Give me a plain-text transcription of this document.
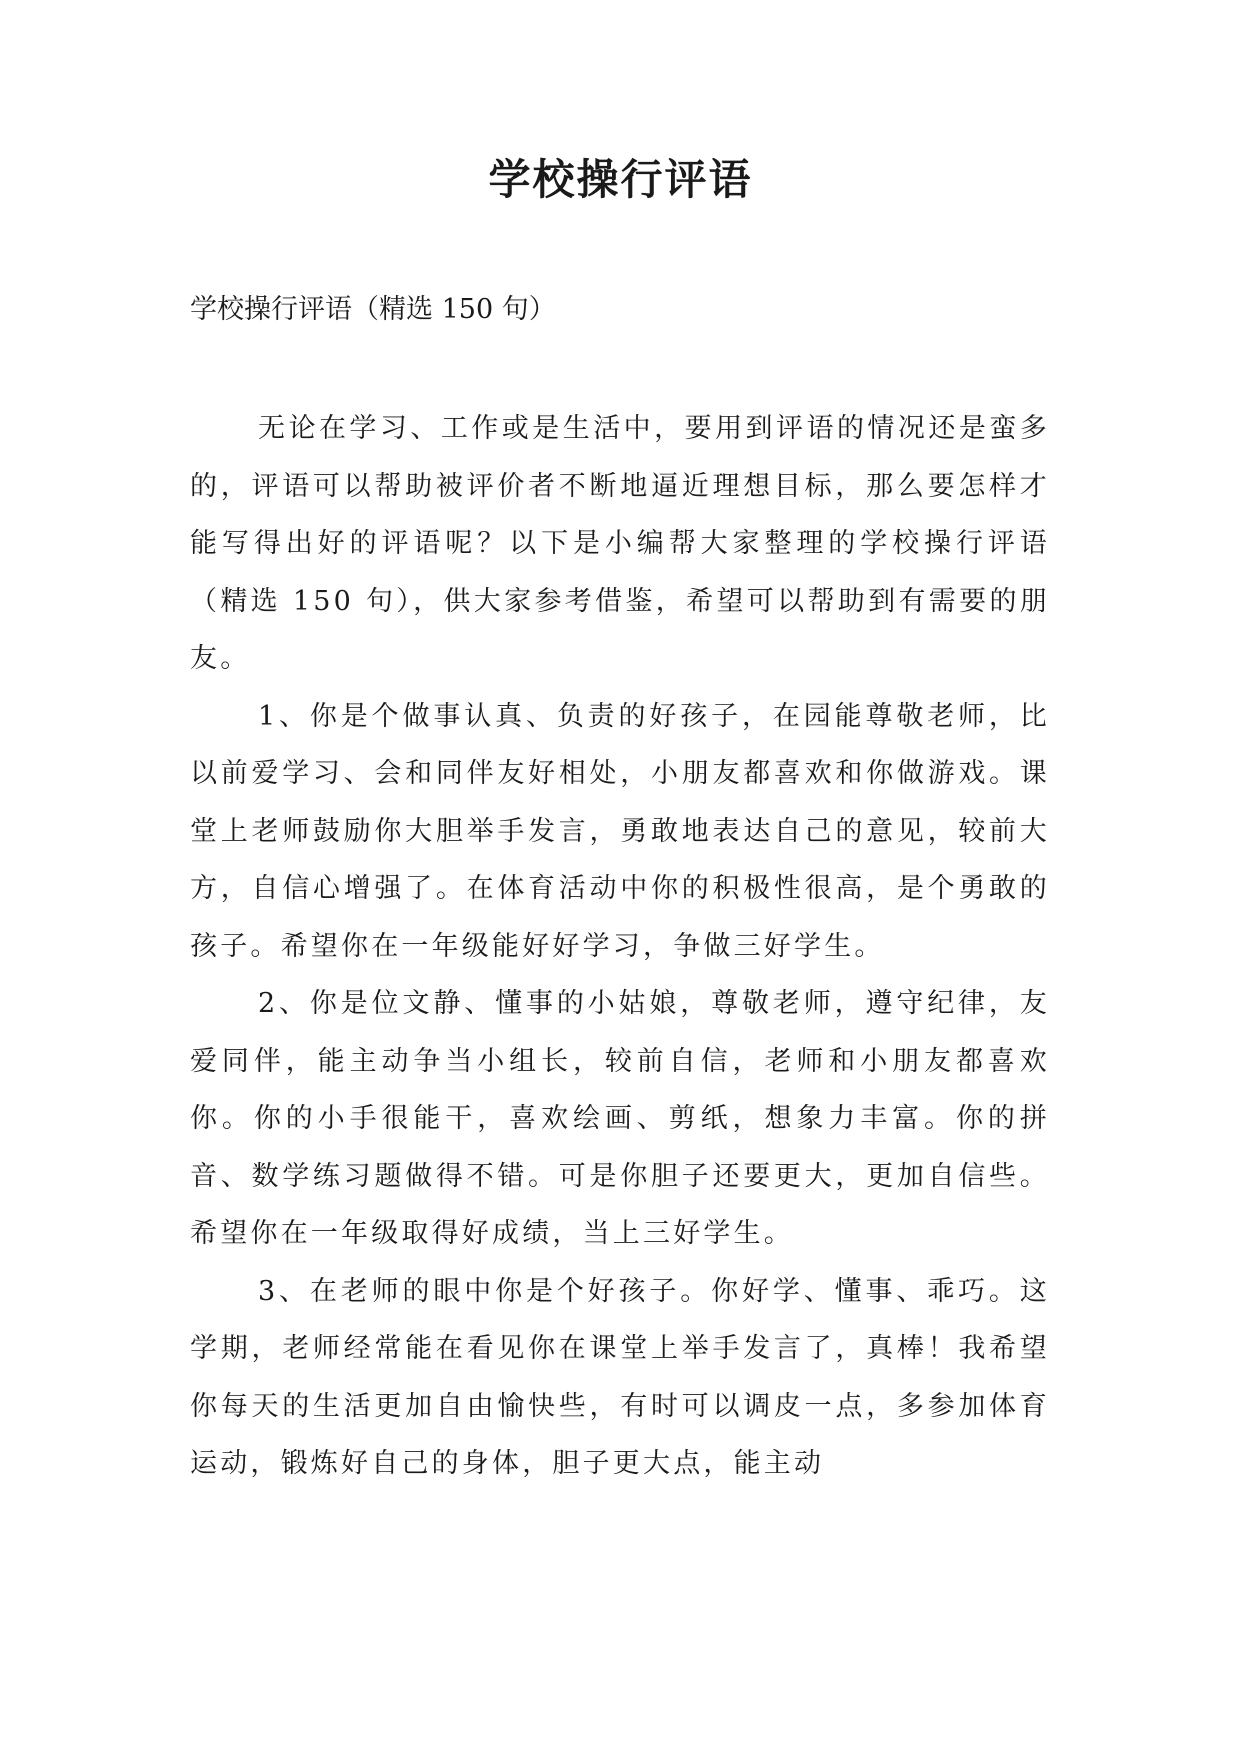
学校操行评语

学校操行评语（精选 150 句）

无论在学习、工作或是生活中，要用到评语的情况还是蛮多的，评语可以帮助被评价者不断地逼近理想目标，那么要怎样才能写得出好的评语呢？以下是小编帮大家整理的学校操行评语（精选 150 句），供大家参考借鉴，希望可以帮助到有需要的朋友。

1、你是个做事认真、负责的好孩子，在园能尊敬老师，比以前爱学习、会和同伴友好相处，小朋友都喜欢和你做游戏。课堂上老师鼓励你大胆举手发言，勇敢地表达自己的意见，较前大方，自信心增强了。在体育活动中你的积极性很高，是个勇敢的孩子。希望你在一年级能好好学习，争做三好学生。

2、你是位文静、懂事的小姑娘，尊敬老师，遵守纪律，友爱同伴，能主动争当小组长，较前自信，老师和小朋友都喜欢你。你的小手很能干，喜欢绘画、剪纸，想象力丰富。你的拼音、数学练习题做得不错。可是你胆子还要更大，更加自信些。希望你在一年级取得好成绩，当上三好学生。

3、在老师的眼中你是个好孩子。你好学、懂事、乖巧。这学期，老师经常能在看见你在课堂上举手发言了，真棒！我希望你每天的生活更加自由愉快些，有时可以调皮一点，多参加体育运动，锻炼好自己的身体，胆子更大点，能主动
